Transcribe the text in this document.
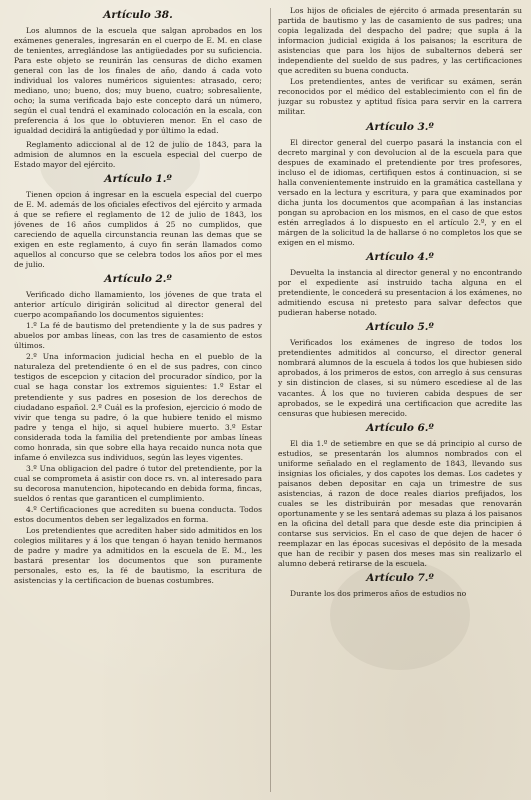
Artículo 38.

Los alumnos de la escuela que salgan aprobados en los exámenes generales, ingresarán en el cuerpo de E. M. en clase de tenientes, arreglándose las antigüedades por su suficiencia. Para este objeto se reunirán las censuras de dicho examen general con las de los finales de año, dando á cada voto individual los valores numéricos siguientes: atrasado, cero; mediano, uno; bueno, dos; muy bueno, cuatro; sobresaliente, ocho; la suma verificada bajo este concepto dará un número, según el cual tendrá el examinado colocación en la escala, con preferencia á los que lo obtuvieren menor. En el caso de igualdad decidirá la antigüedad y por último la edad.

Reglamento adiccional al de 12 de julio de 1843, para la admision de alumnos en la escuela especial del cuerpo de Estado mayor del ejército.

Artículo 1.º

Tienen opcion á ingresar en la escuela especial del cuerpo de E. M. además de los oficiales efectivos del ejército y armada á que se refiere el reglamento de 12 de julio de 1843, los jóvenes de 16 años cumplidos á 25 no cumplidos, que careciendo de aquella circunstancia reunan las demas que se exigen en este reglamento, á cuyo fin serán llamados como aquellos al concurso que se celebra todos los años por el mes de julio.

Artículo 2.º

Verificado dicho llamamiento, los jóvenes de que trata el anterior artículo dirigirán solicitud al director general del cuerpo acompañando los documentos siguientes:

1.º La fé de bautismo del pretendiente y la de sus padres y abuelos por ambas líneas, con las tres de casamiento de estos últimos.

2.º Una informacion judicial hecha en el pueblo de la naturaleza del pretendiente ó en el de sus padres, con cinco testigos de escepcion y citacion del procurador síndico, por la cual se haga constar los extremos siguientes: 1.º Estar el pretendiente y sus padres en posesion de los derechos de ciudadano español. 2.º Cuál es la profesion, ejercicio ó modo de vivir que tenga su padre, ó la que hubiere tenido el mismo padre y tenga el hijo, si aquel hubiere muerto. 3.º Estar considerada toda la familia del pretendiente por ambas líneas como honrada, sin que sobre ella haya recaido nunca nota que infame ó envilezca sus individuos, según las leyes vigentes.

3.º Una obligacion del padre ó tutor del pretendiente, por la cual se comprometa á asistir con doce rs. vn. al interesado para su decorosa manutencion, hipotecando en debida forma, fincas, sueldos ó rentas que garanticen el cumplimiento.

4.º Certificaciones que acrediten su buena conducta. Todos estos documentos deben ser legalizados en forma.

Los pretendientes que acrediten haber sido admitidos en los colegios militares y á los que tengan ó hayan tenido hermanos de padre y madre ya admitidos en la escuela de E. M., les bastará presentar los documentos que son puramente personales, esto es, la fé de bautismo, la escritura de asistencias y la certificacion de buenas costumbres.

Los hijos de oficiales de ejército ó armada presentarán su partida de bautismo y las de casamiento de sus padres; una copia legalizada del despacho del padre; que supla á la informacion judicial exigida á los paisanos; la escritura de asistencias que para los hijos de subalternos deberá ser independiente del sueldo de sus padres, y las certificaciones que acrediten su buena conducta.

Los pretendientes, antes de verificar su exámen, serán reconocidos por el médico del establecimiento con el fin de juzgar su robustez y aptitud física para servir en la carrera militar.

Artículo 3.º

El director general del cuerpo pasará la instancia con el decreto marginal y con devolucion al de la escuela para que despues de examinado el pretendiente por tres profesores, incluso el de idiomas, certifiquen estos á continuacion, si se halla convenientemente instruido en la gramática castellana y versado en la lectura y escritura, y para que examinados por dicha junta los documentos que acompañan á las instancias pongan su aprobacion en los mismos, en el caso de que estos estén arreglados á lo dispuesto en el artículo 2.º, y en el márgen de la solicitud la de hallarse ó no completos los que se exigen en el mismo.

Artículo 4.º

Devuelta la instancia al director general y no encontrando por el expediente así instruido tacha alguna en el pretendiente, le concederá su presentacion á los exámenes, no admitiendo escusa ni pretesto para salvar defectos que pudieran haberse notado.

Artículo 5.º

Verificados los exámenes de ingreso de todos los pretendientes admitidos al concurso, el director general nombrará alumnos de la escuela á todos los que hubiesen sido aprobados, á los primeros de estos, con arreglo á sus censuras y sin distincion de clases, si su número escediese al de las vacantes. Á los que no tuvieren cabida despues de ser aprobados, se le expedirá una certificacion que acredite las censuras que hubiesen merecido.

Artículo 6.º

El dia 1.º de setiembre en que se dá principio al curso de estudios, se presentarán los alumnos nombrados con el uniforme señalado en el reglamento de 1843, llevando sus insignias los oficiales, y dos capotes los demas. Los cadetes y paisanos deben depositar en caja un trimestre de sus asistencias, á razon de doce reales diarios prefijados, los cuales se les distribuirán por mesadas que renovarán oportunamente y se les sentará ademas su plaza á los paisanos en la oficina del detall para que desde este dia principien á contarse sus servicios. En el caso de que dejen de hacer ó reemplazar en las épocas sucesivas el depósito de la mesada que han de recibir y pasen dos meses mas sin realizarlo el alumno deberá retirarse de la escuela.

Artículo 7.º

Durante los dos primeros años de estudios no
